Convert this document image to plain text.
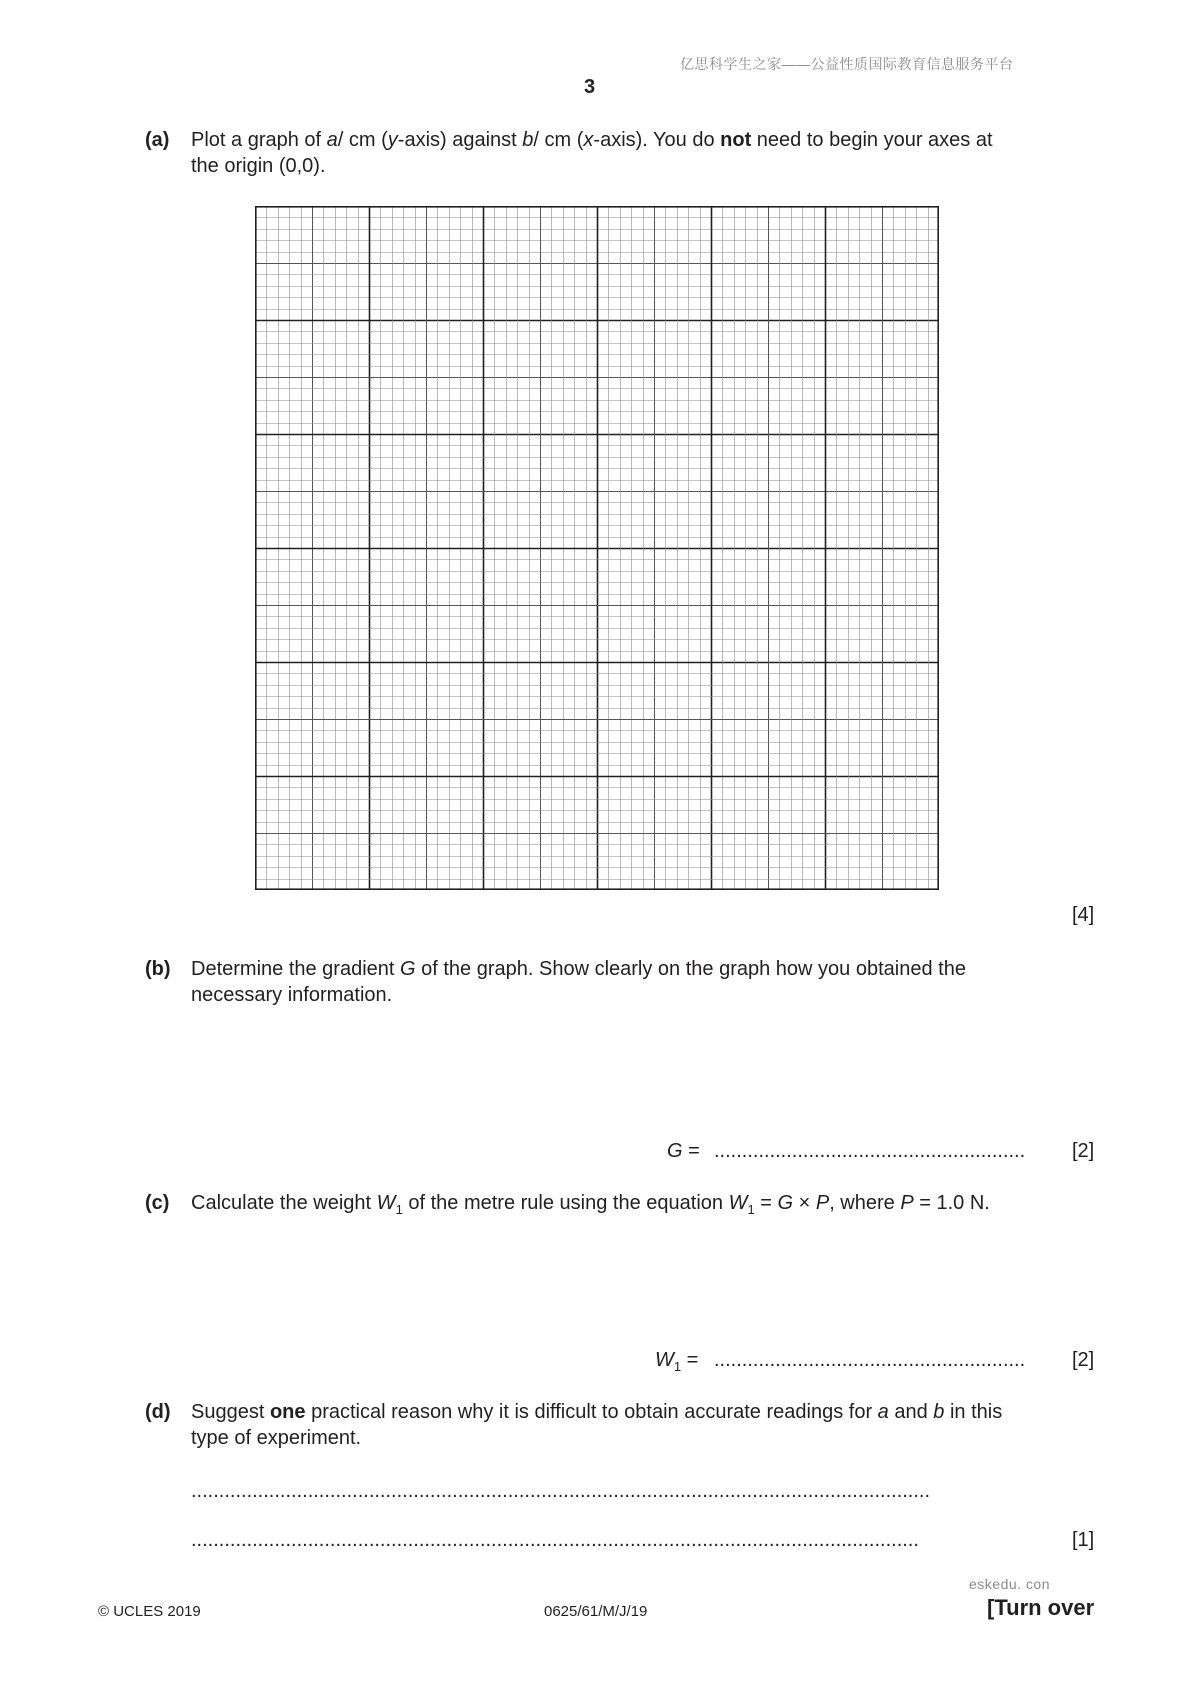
亿思科学生之家——公益性质国际教育信息服务平台
3
(a) Plot a graph of a/ cm (y-axis) against b/ cm (x-axis). You do not need to begin your axes at
the origin (0,0).
[4]
(b) Determine the gradient G of the graph. Show clearly on the graph how you obtained the
necessary information.
G = ........................................................ [2]
(c) Calculate the weight $W_1$ of the metre rule using the equation $W_1 = G \times P$, where P = 1.0 N.
$W_1$ = ........................................................ [2]
(d) Suggest one practical reason why it is difficult to obtain accurate readings for a and b in this
type of experiment.
.....................................................................................................................................
...................................................................................................................................	[1]
eskedu. con
© UCLES 2019	0625/61/M/J/19	[Turn over
